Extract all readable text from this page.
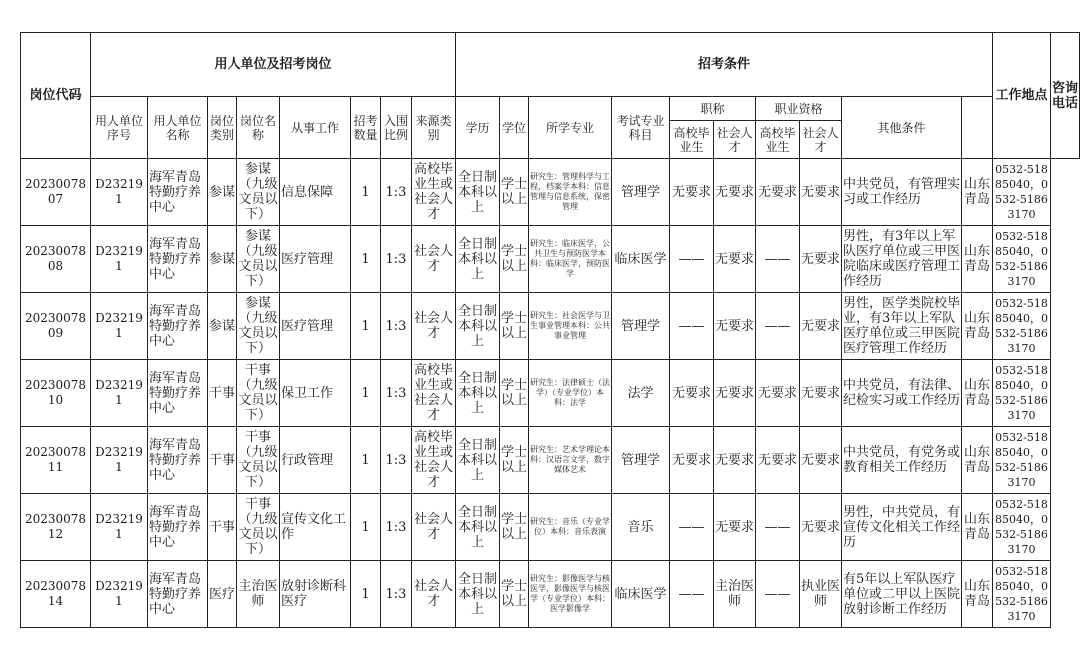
岗位代码	用人单位及招考岗位								招考条件										工作地点	咨询电话
	用人单位序号	用人单位名称	岗位类别	岗位名称	从事工作	招考数量	入围比例	来源类别	学历	学位	所学专业	考试专业科目	职称		职业资格		其他条件			
													高校毕业生	社会人才	高校毕业生	社会人才				
2023007807	D232191	海军青岛特勤疗养中心	参谋	参谋（九级文员以下）	信息保障	1	1:3	高校毕业生或社会人才	全日制本科以上	学士以上	研究生：管理科学与工程，档案学本科：信息管理与信息系统，保密管理	管理学	无要求	无要求	无要求	无要求	中共党员，有管理实习或工作经历	山东青岛	0532-51885040，0532-51863170	
2023007808	D232191	海军青岛特勤疗养中心	参谋	参谋（九级文员以下）	医疗管理	1	1:3	社会人才	全日制本科以上	学士以上	研究生：临床医学，公共卫生与预防医学本科：临床医学，预防医学	临床医学	——	无要求	——	无要求	男性，有3年以上军队医疗单位或三甲医院临床或医疗管理工作经历	山东青岛	0532-51885040，0532-51863170	
2023007809	D232191	海军青岛特勤疗养中心	参谋	参谋（九级文员以下）	医疗管理	1	1:3	社会人才	全日制本科以上	学士以上	研究生：社会医学与卫生事业管理本科：公共事业管理	管理学	——	无要求	——	无要求	男性，医学类院校毕业，有3年以上军队医疗单位或三甲医院医疗管理工作经历	山东青岛	0532-51885040，0532-51863170	
2023007810	D232191	海军青岛特勤疗养中心	干事	干事（九级文员以下）	保卫工作	1	1:3	高校毕业生或社会人才	全日制本科以上	学士以上	研究生：法律硕士（法学）（专业学位）本科：法学	法学	无要求	无要求	无要求	无要求	中共党员，有法律、纪检实习或工作经历	山东青岛	0532-51885040，0532-51863170	
2023007811	D232191	海军青岛特勤疗养中心	干事	干事（九级文员以下）	行政管理	1	1:3	高校毕业生或社会人才	全日制本科以上	学士以上	研究生：艺术学理论本科：汉语言文学，数字媒体艺术	管理学	无要求	无要求	无要求	无要求	中共党员，有党务或教育相关工作经历	山东青岛	0532-51885040，0532-51863170	
2023007812	D232191	海军青岛特勤疗养中心	干事	干事（九级文员以下）	宣传文化工作	1	1:3	社会人才	全日制本科以上	学士以上	研究生：音乐（专业学位）本科：音乐表演	音乐	——	无要求	——	无要求	男性，中共党员，有宣传文化相关工作经历	山东青岛	0532-51885040，0532-51863170	
2023007814	D232191	海军青岛特勤疗养中心	医疗	主治医师	放射诊断科医疗	1	1:3	社会人才	全日制本科以上	学士以上	研究生：影像医学与核医学，影像医学与核医学（专业学位）本科：医学影像学	临床医学	——	主治医师	——	执业医师	有5年以上军队医疗单位或二甲以上医院放射诊断工作经历	山东青岛	0532-51885040，0532-51863170	
